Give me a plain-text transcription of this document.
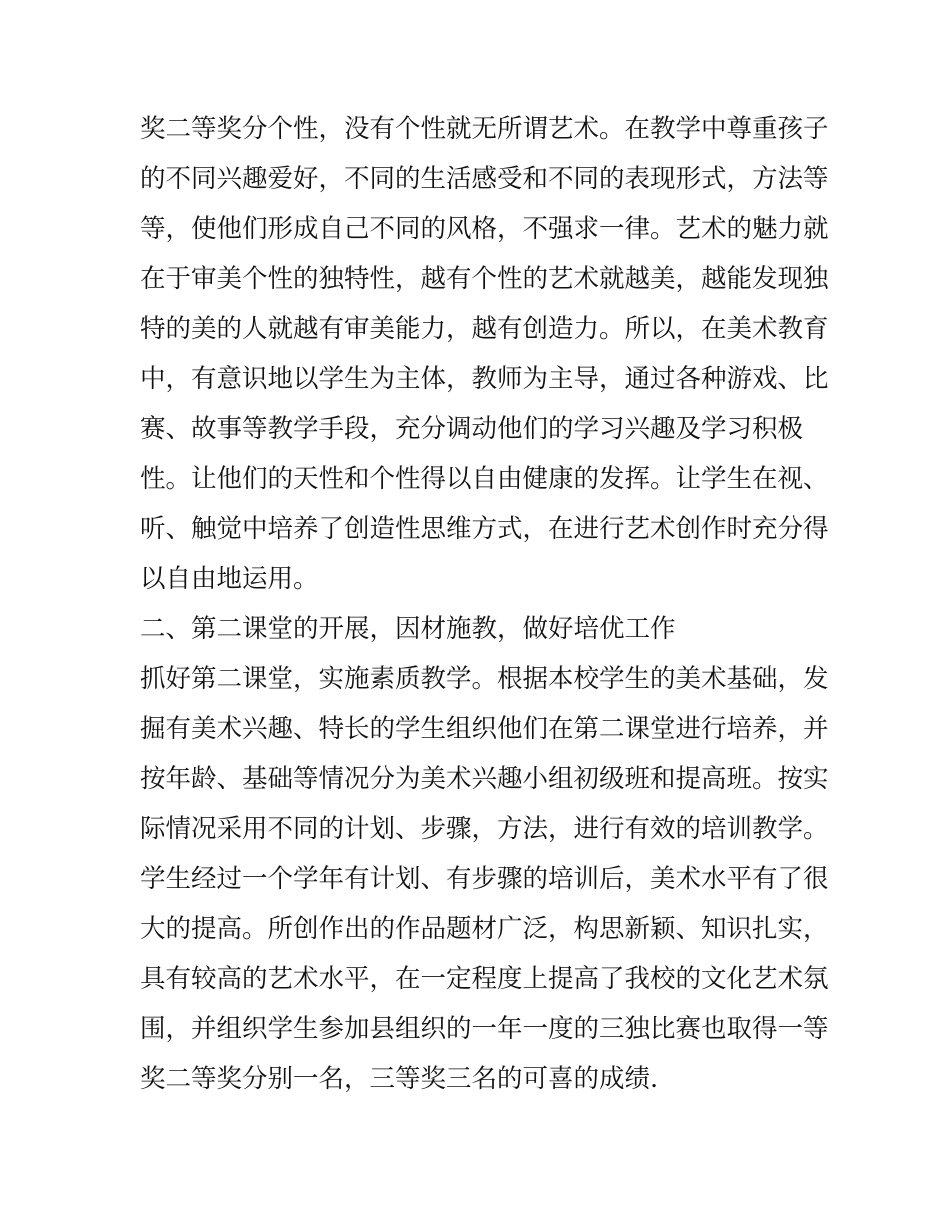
奖二等奖分个性，没有个性就无所谓艺术。在教学中尊重孩子
的不同兴趣爱好，不同的生活感受和不同的表现形式，方法等
等，使他们形成自己不同的风格，不强求一律。艺术的魅力就
在于审美个性的独特性，越有个性的艺术就越美，越能发现独
特的美的人就越有审美能力，越有创造力。所以，在美术教育
中，有意识地以学生为主体，教师为主导，通过各种游戏、比
赛、故事等教学手段，充分调动他们的学习兴趣及学习积极
性。让他们的天性和个性得以自由健康的发挥。让学生在视、
听、触觉中培养了创造性思维方式，在进行艺术创作时充分得
以自由地运用。
二、第二课堂的开展，因材施教，做好培优工作
抓好第二课堂，实施素质教学。根据本校学生的美术基础，发
掘有美术兴趣、特长的学生组织他们在第二课堂进行培养，并
按年龄、基础等情况分为美术兴趣小组初级班和提高班。按实
际情况采用不同的计划、步骤，方法，进行有效的培训教学。
学生经过一个学年有计划、有步骤的培训后，美术水平有了很
大的提高。所创作出的作品题材广泛，构思新颖、知识扎实，
具有较高的艺术水平，在一定程度上提高了我校的文化艺术氛
围，并组织学生参加县组织的一年一度的三独比赛也取得一等
奖二等奖分别一名，三等奖三名的可喜的成绩.
